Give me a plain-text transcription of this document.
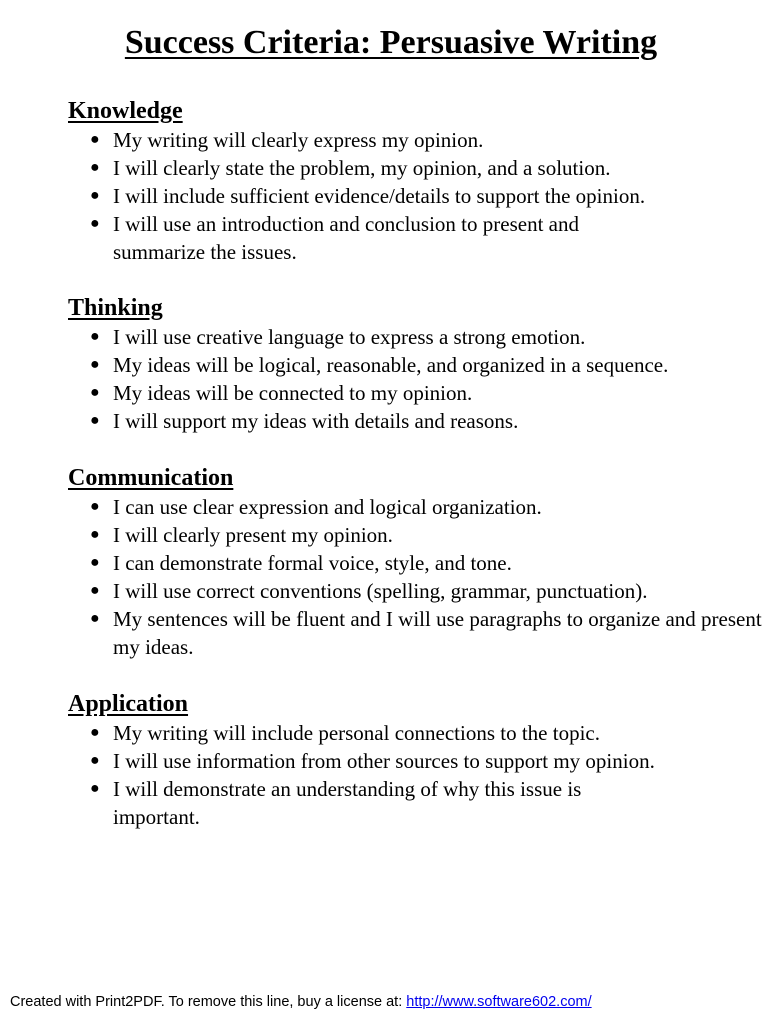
Success Criteria: Persuasive Writing
Knowledge
● My writing will clearly express my opinion.
● I will clearly state the problem, my opinion, and a solution.
● I will include sufficient evidence/details to support the opinion.
● I will use an introduction and conclusion to present and summarize the issues.
Thinking
● I will use creative language to express a strong emotion.
● My ideas will be logical, reasonable, and organized in a sequence.
● My ideas will be connected to my opinion.
● I will support my ideas with details and reasons.
Communication
● I can use clear expression and logical organization.
● I will clearly present my opinion.
● I can demonstrate formal voice, style, and tone.
● I will use correct conventions (spelling, grammar, punctuation).
● My sentences will be fluent and I will use paragraphs to organize and present my ideas.
Application
● My writing will include personal connections to the topic.
● I will use information from other sources to support my opinion.
● I will demonstrate an understanding of why this issue is important.
Created with Print2PDF. To remove this line, buy a license at: http://www.software602.com/
